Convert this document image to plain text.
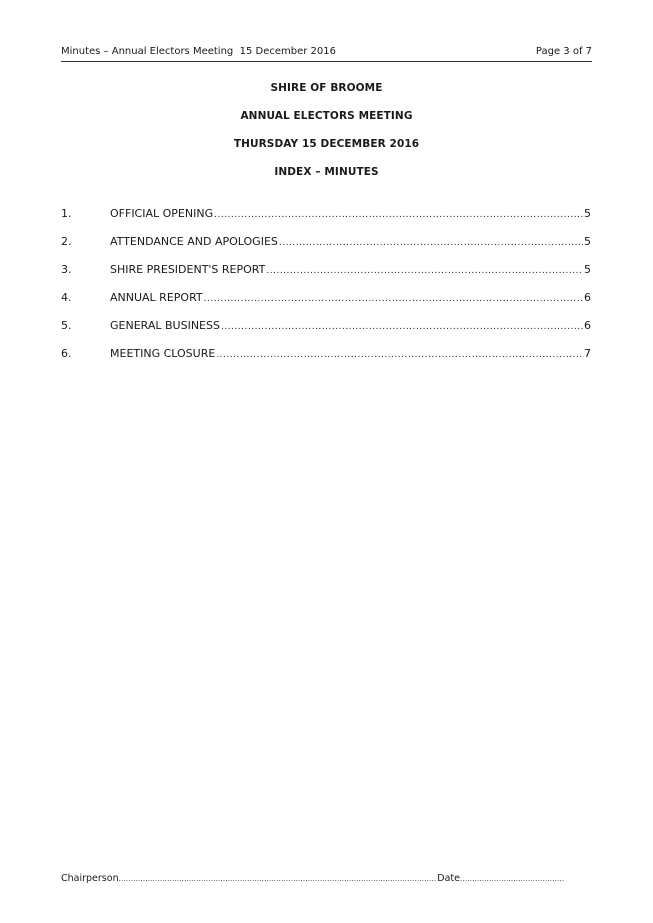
Minutes – Annual Electors Meeting  15 December 2016	Page 3 of 7
SHIRE OF BROOME
ANNUAL ELECTORS MEETING
THURSDAY 15 DECEMBER 2016
INDEX – MINUTES
1.	OFFICIAL OPENING .....	5
2.	ATTENDANCE AND APOLOGIES .....	5
3.	SHIRE PRESIDENT'S REPORT .....	5
4.	ANNUAL REPORT .....	6
5.	GENERAL BUSINESS .....	6
6.	MEETING CLOSURE .....	7
Chairperson .....	Date
.....
